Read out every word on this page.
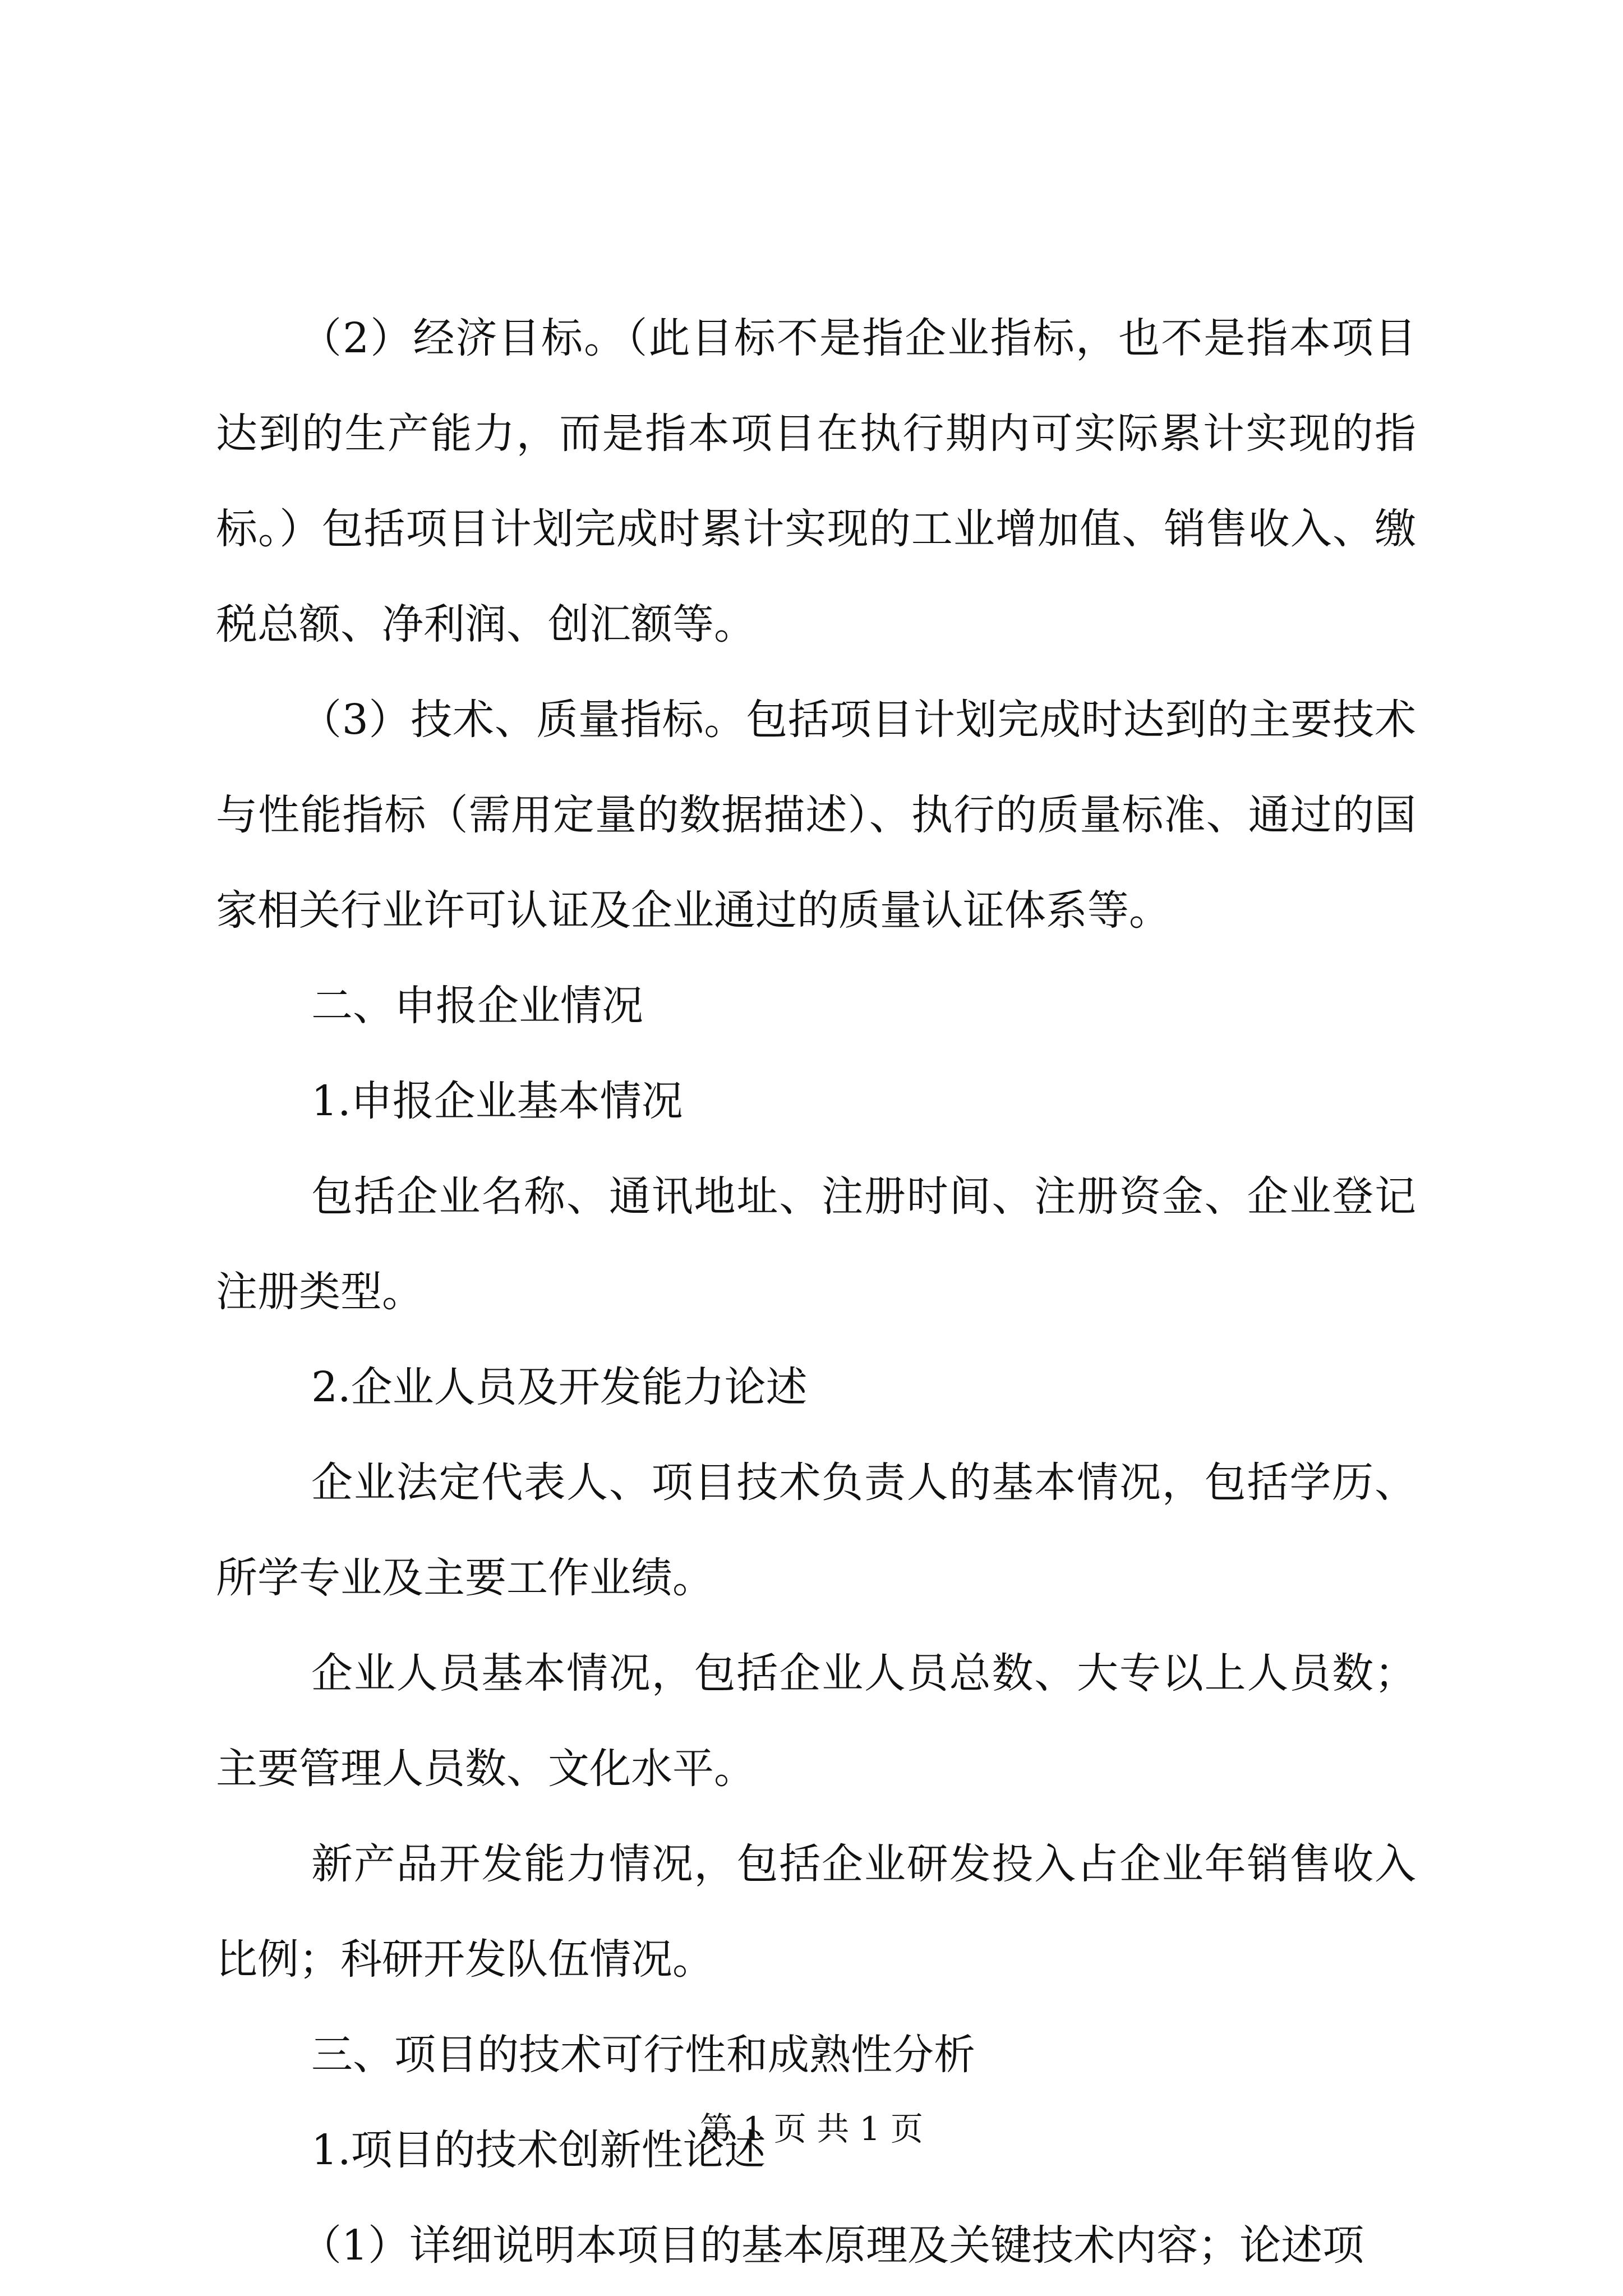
（2）经济目标。（此目标不是指企业指标，也不是指本项目达到的生产能力，而是指本项目在执行期内可实际累计实现的指标。）包括项目计划完成时累计实现的工业增加值、销售收入、缴税总额、净利润、创汇额等。

（3）技术、质量指标。包括项目计划完成时达到的主要技术与性能指标（需用定量的数据描述）、执行的质量标准、通过的国家相关行业许可认证及企业通过的质量认证体系等。

二、申报企业情况

1.申报企业基本情况

包括企业名称、通讯地址、注册时间、注册资金、企业登记注册类型。

2.企业人员及开发能力论述

企业法定代表人、项目技术负责人的基本情况，包括学历、所学专业及主要工作业绩。

企业人员基本情况，包括企业人员总数、大专以上人员数；主要管理人员数、文化水平。

新产品开发能力情况，包括企业研发投入占企业年销售收入比例；科研开发队伍情况。

三、项目的技术可行性和成熟性分析

1.项目的技术创新性论述

（1）详细说明本项目的基本原理及关键技术内容；论述项

第 1 页 共 1 页
